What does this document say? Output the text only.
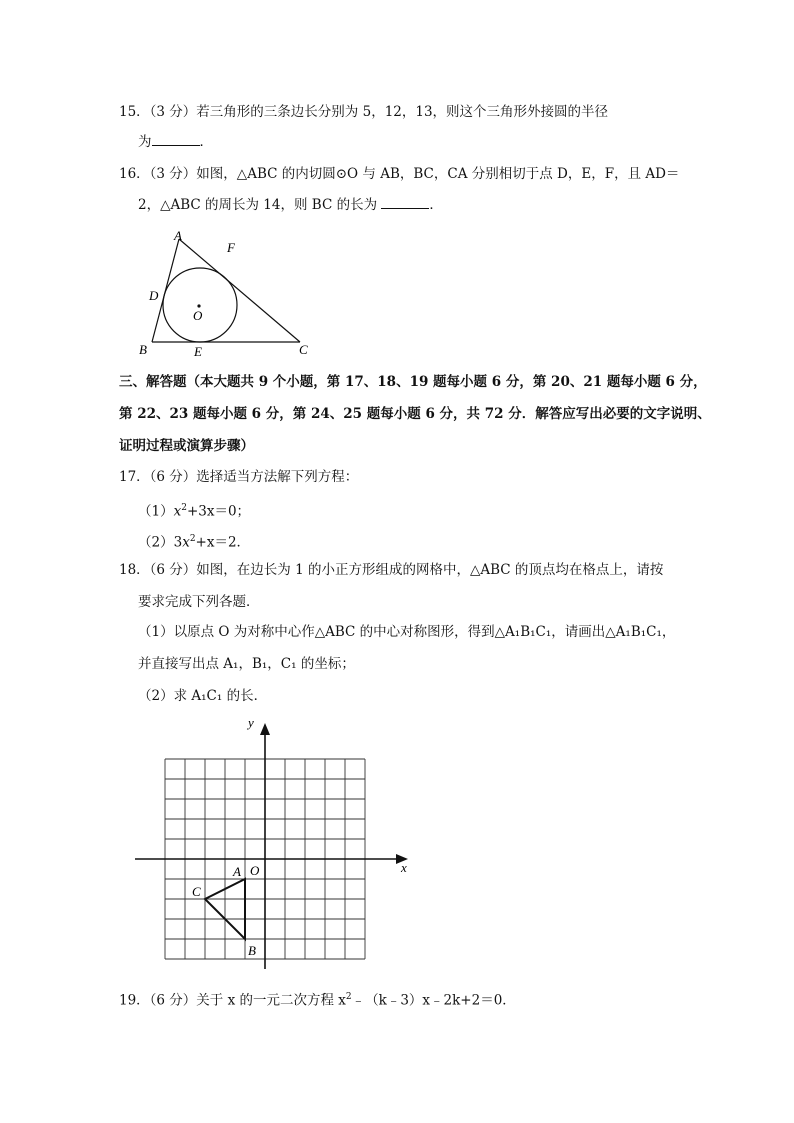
15．（3 分）若三角形的三条边长分别为 5，12，13，则这个三角形外接圆的半径
为	．
16．（3 分）如图，△ABC 的内切圆⊙O 与 AB，BC，CA 分别相切于点 D，E，F，且 AD＝
2，△ABC 的周长为 14，则 BC 的长为	．
A
B	C
D
E
F
O
三、解答题（本大题共 9 个小题，第 17、18、19 题每小题 6 分，第 20、21 题每小题 6 分，
第 22、23 题每小题 6 分，第 24、25 题每小题 6 分，共 72 分．解答应写出必要的文字说明、
证明过程或演算步骤）
17．（6 分）选择适当方法解下列方程：
$(1)x^2+3x=0$；
$(2)3x^2+x=2$．
18．（6 分）如图，在边长为 1 的小正方形组成的网格中，△ABC 的顶点均在格点上，请按
要求完成下列各题．
（1）以原点 O 为对称中心作△ABC 的中心对称图形，得到△A₁B₁C₁，请画出△A₁B₁C₁，
并直接写出点 A₁，B₁，C₁ 的坐标；
（2）求 A₁C₁ 的长．
x
y
O
A
B
C
19．（6 分）关于 x 的一元二次方程 $x^2﹣(k﹣3)x﹣2k+2=0$．
